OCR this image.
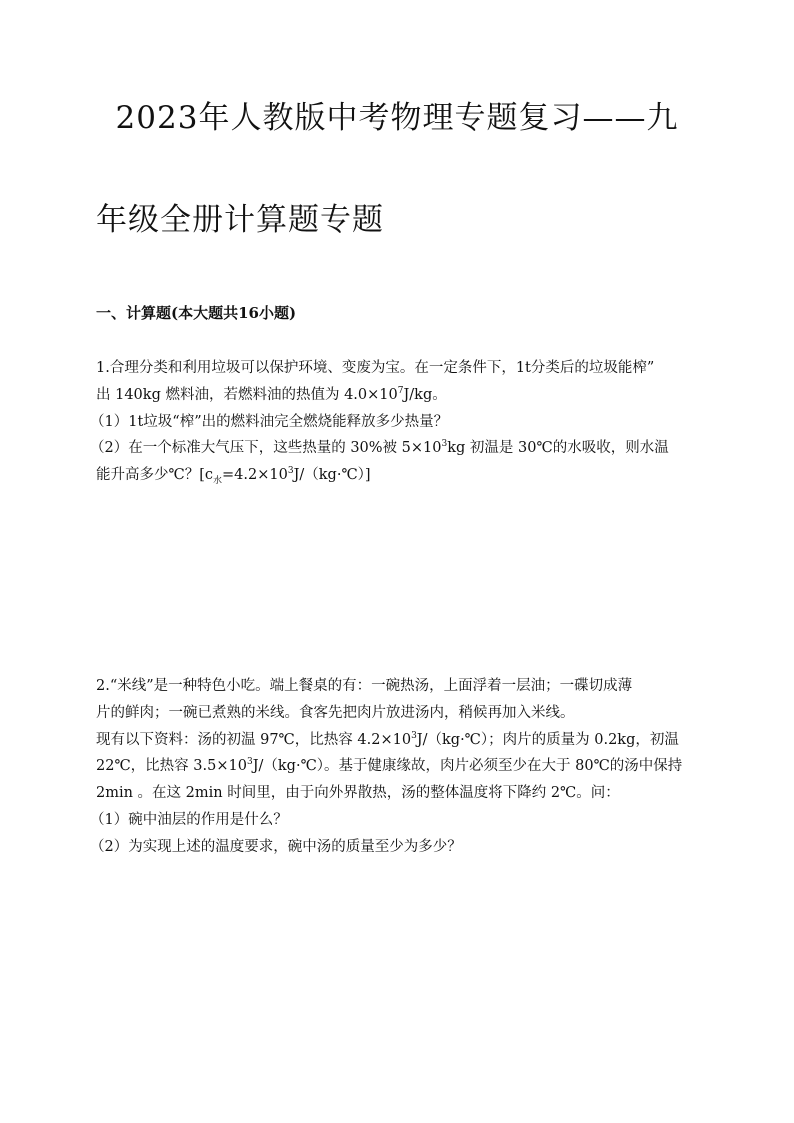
2023年人教版中考物理专题复习——九
年级全册计算题专题
一、计算题(本大题共16小题)
1.合理分类和利用垃圾可以保护环境、变废为宝。在一定条件下，1t分类后的垃圾能榨”
出 140kg 燃料油，若燃料油的热值为 $4.0\times 10^7J/kg$。
（1）1t垃圾“榨”出的燃料油完全燃烧能释放多少热量？
（2）在一个标准大气压下，这些热量的 30%被 $5\times 10^3kg$ 初温是 30℃的水吸收，则水温
能升高多少℃？$[c_水=4.2\times 10^3J/(kg\cdot℃)]$
2.“米线”是一种特色小吃。端上餐桌的有：一碗热汤，上面浮着一层油；一碟切成薄
片的鲜肉；一碗已煮熟的米线。食客先把肉片放进汤内，稍候再加入米线。
现有以下资料：汤的初温 97℃，比热容 $4.2\times 10^3J/(kg\cdot℃)$；肉片的质量为 0.2kg，初温
22℃，比热容 $3.5\times 10^3J/(kg\cdot℃)$。基于健康缘故，肉片必须至少在大于 80℃的汤中保持
2min 。在这 2min 时间里，由于向外界散热，汤的整体温度将下降约 2℃。问：
（1）碗中油层的作用是什么？
（2）为实现上述的温度要求，碗中汤的质量至少为多少？
